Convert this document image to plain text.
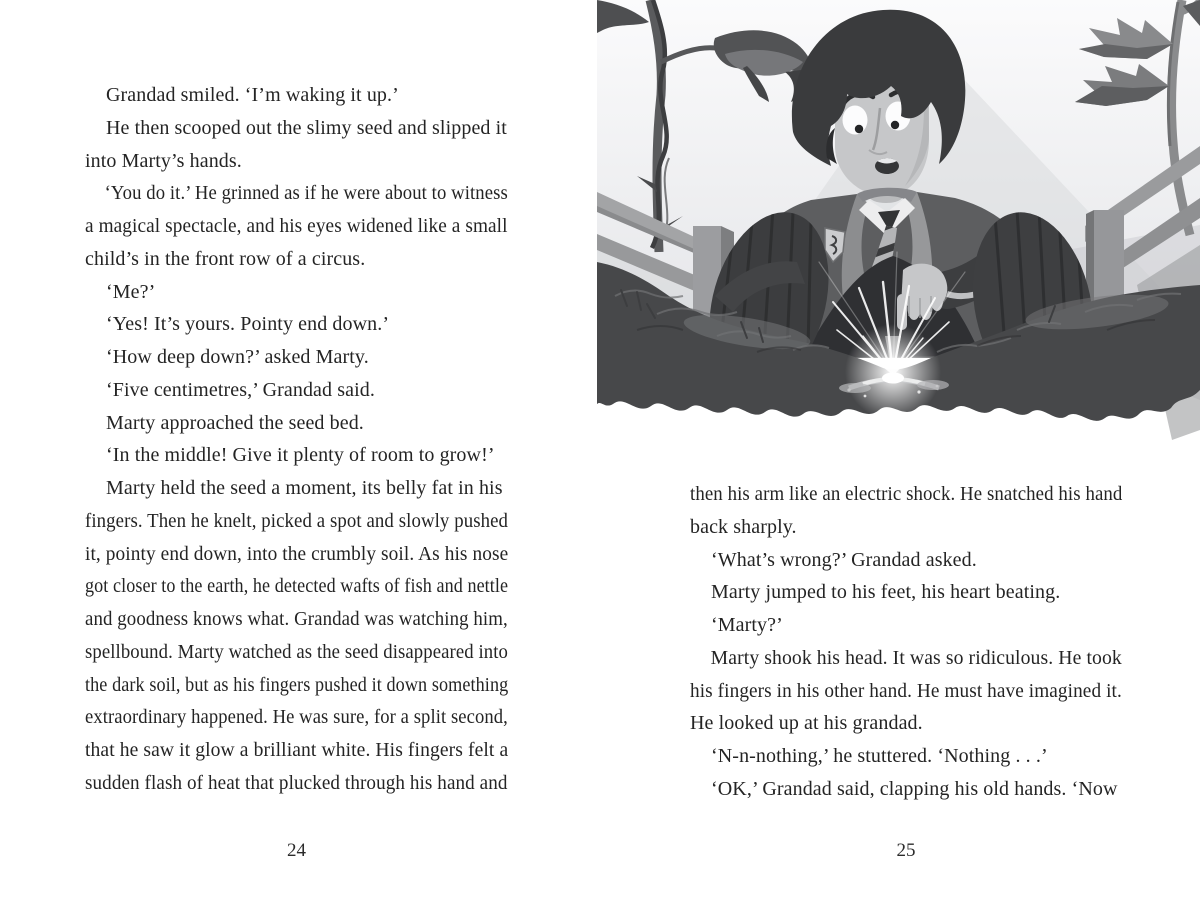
Grandad smiled. ‘I’m waking it up.’
He then scooped out the slimy seed and slipped it
into Marty’s hands.
‘You do it.’ He grinned as if he were about to witness
a magical spectacle, and his eyes widened like a small
child’s in the front row of a circus.
‘Me?’
‘Yes! It’s yours. Pointy end down.’
‘How deep down?’ asked Marty.
‘Five centimetres,’ Grandad said.
Marty approached the seed bed.
‘In the middle! Give it plenty of room to grow!’
Marty held the seed a moment, its belly fat in his
fingers. Then he knelt, picked a spot and slowly pushed
it, pointy end down, into the crumbly soil. As his nose
got closer to the earth, he detected wafts of fish and nettle
and goodness knows what. Grandad was watching him,
spellbound. Marty watched as the seed disappeared into
the dark soil, but as his fingers pushed it down something
extraordinary happened. He was sure, for a split second,
that he saw it glow a brilliant white. His fingers felt a
sudden flash of heat that plucked through his hand and
24
then his arm like an electric shock. He snatched his hand
back sharply.
‘What’s wrong?’ Grandad asked.
Marty jumped to his feet, his heart beating.
‘Marty?’
Marty shook his head. It was so ridiculous. He took
his fingers in his other hand. He must have imagined it.
He looked up at his grandad.
‘N-n-nothing,’ he stuttered. ‘Nothing . . .’
‘OK,’ Grandad said, clapping his old hands. ‘Now
25
